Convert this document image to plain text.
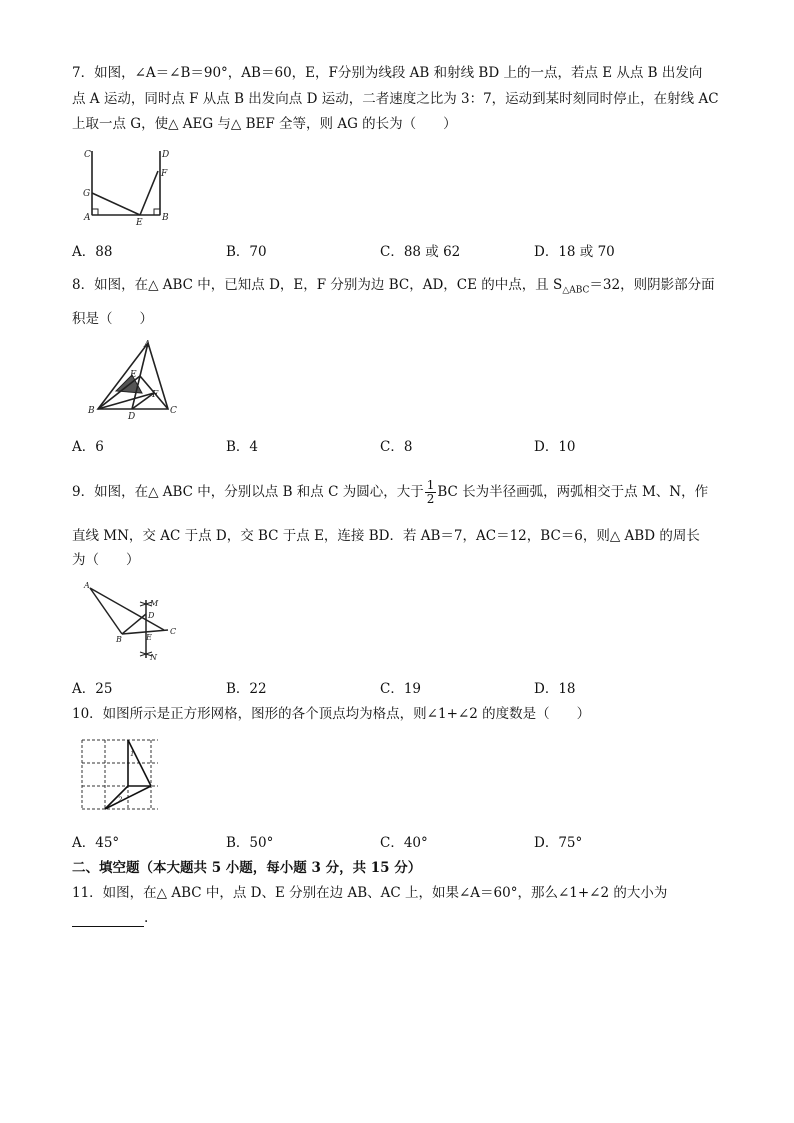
7．如图，∠A＝∠B＝90°，AB＝60，E，F分别为线段 AB 和射线 BD 上的一点，若点 E 从点 B 出发向
点 A 运动，同时点 F 从点 B 出发向点 D 运动，二者速度之比为 3：7，运动到某时刻同时停止，在射线 AC
上取一点 G，使△ AEG 与△ BEF 全等，则 AG 的长为（　　）
C	D
F
G
A	E B
A．88	B．70	C．88 或 62	D．18 或 70
8．如图，在△ ABC 中，已知点 D，E，F 分别为边 BC，AD，CE 的中点，且 $S_{\triangle ABC}=32$，则阴影部分面
积是（　　）
A
E
F
B
D
C
A．6	B．4	C．8	D．10
9．如图，在△ ABC 中，分别以点 B 和点 C 为圆心，大于 $\frac{1}{2}$ BC 长为半径画弧，两弧相交于点 M、N，作
直线 MN，交 AC 于点 D，交 BC 于点 E，连接 BD．若 AB＝7，AC＝12，BC＝6，则△ ABD 的周长
为（　　）
A
M
D
B	E
C
N
A．25	B．22	C．19	D．18
10．如图所示是正方形网格，图形的各个顶点均为格点，则∠1+∠2 的度数是（　　）
1
2
A．45°	B．50°	C．40°	D．75°
二、填空题（本大题共 5 小题，每小题 3 分，共 15 分）
11．如图，在△ ABC 中，点 D、E 分别在边 AB、AC 上，如果∠A＝60°，那么∠1+∠2 的大小为
.
